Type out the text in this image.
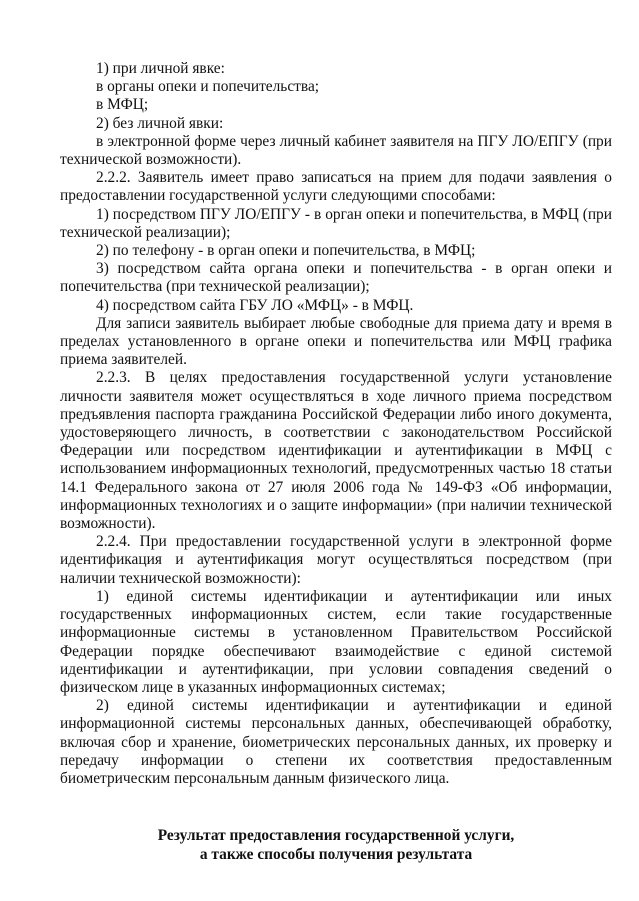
1) при личной явке:

в органы опеки и попечительства;

в МФЦ;

2) без личной явки:

в электронной форме через личный кабинет заявителя на ПГУ ЛО/ЕПГУ (при технической возможности).

2.2.2. Заявитель имеет право записаться на прием для подачи заявления о предоставлении государственной услуги следующими способами:

1) посредством ПГУ ЛО/ЕПГУ - в орган опеки и попечительства, в МФЦ (при технической реализации);

2) по телефону - в орган опеки и попечительства, в МФЦ;

3) посредством сайта органа опеки и попечительства - в орган опеки и попечительства (при технической реализации);

4) посредством сайта ГБУ ЛО «МФЦ» - в МФЦ.

Для записи заявитель выбирает любые свободные для приема дату и время в пределах установленного в органе опеки и попечительства или МФЦ графика приема заявителей.

2.2.3. В целях предоставления государственной услуги установление личности заявителя может осуществляться в ходе личного приема посредством предъявления паспорта гражданина Российской Федерации либо иного документа, удостоверяющего личность, в соответствии с законодательством Российской Федерации или посредством идентификации и аутентификации в МФЦ с использованием информационных технологий, предусмотренных частью 18 статьи 14.1 Федерального закона от 27 июля 2006 года № 149-ФЗ «Об информации, информационных технологиях и о защите информации» (при наличии технической возможности).

2.2.4. При предоставлении государственной услуги в электронной форме идентификация и аутентификация могут осуществляться посредством (при наличии технической возможности):

1) единой системы идентификации и аутентификации или иных государственных информационных систем, если такие государственные информационные системы в установленном Правительством Российской Федерации порядке обеспечивают взаимодействие с единой системой идентификации и аутентификации, при условии совпадения сведений о физическом лице в указанных информационных системах;

2) единой системы идентификации и аутентификации и единой информационной системы персональных данных, обеспечивающей обработку, включая сбор и хранение, биометрических персональных данных, их проверку и передачу информации о степени их соответствия предоставленным биометрическим персональным данным физического лица.

Результат предоставления государственной услуги,
а также способы получения результата
